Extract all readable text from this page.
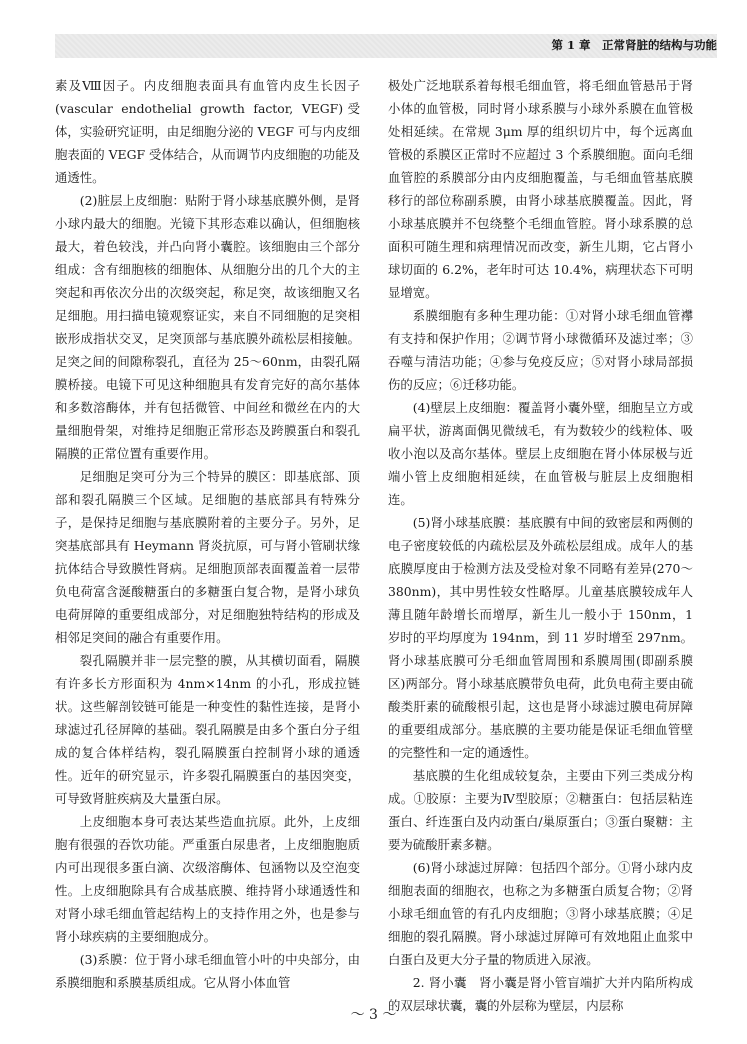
第 1 章　正常肾脏的结构与功能

素及Ⅷ因子。内皮细胞表面具有血管内皮生长因子(vascular endothelial growth factor, VEGF)受体，实验研究证明，由足细胞分泌的 VEGF 可与内皮细胞表面的 VEGF 受体结合，从而调节内皮细胞的功能及通透性。

(2)脏层上皮细胞：贴附于肾小球基底膜外侧，是肾小球内最大的细胞。光镜下其形态难以确认，但细胞核最大，着色较浅，并凸向肾小囊腔。该细胞由三个部分组成：含有细胞核的细胞体、从细胞分出的几个大的主突起和再依次分出的次级突起，称足突，故该细胞又名足细胞。用扫描电镜观察证实，来自不同细胞的足突相嵌形成指状交叉，足突顶部与基底膜外疏松层相接触。足突之间的间隙称裂孔，直径为 25～60nm，由裂孔隔膜桥接。电镜下可见这种细胞具有发育完好的高尔基体和多数溶酶体，并有包括微管、中间丝和微丝在内的大量细胞骨架，对维持足细胞正常形态及跨膜蛋白和裂孔隔膜的正常位置有重要作用。

足细胞足突可分为三个特异的膜区：即基底部、顶部和裂孔隔膜三个区域。足细胞的基底部具有特殊分子，是保持足细胞与基底膜附着的主要分子。另外，足突基底部具有 Heymann 肾炎抗原，可与肾小管刷状缘抗体结合导致膜性肾病。足细胞顶部表面覆盖着一层带负电荷富含涎酸糖蛋白的多糖蛋白复合物，是肾小球负电荷屏障的重要组成部分，对足细胞独特结构的形成及相邻足突间的融合有重要作用。

裂孔隔膜并非一层完整的膜，从其横切面看，隔膜有许多长方形面积为 4nm×14nm 的小孔，形成拉链状。这些解剖铰链可能是一种变性的黏性连接，是肾小球滤过孔径屏障的基础。裂孔隔膜是由多个蛋白分子组成的复合体样结构，裂孔隔膜蛋白控制肾小球的通透性。近年的研究显示，许多裂孔隔膜蛋白的基因突变，可导致肾脏疾病及大量蛋白尿。

上皮细胞本身可表达某些造血抗原。此外，上皮细胞有很强的吞饮功能。严重蛋白尿患者，上皮细胞胞质内可出现很多蛋白滴、次级溶酶体、包涵物以及空泡变性。上皮细胞除具有合成基底膜、维持肾小球通透性和对肾小球毛细血管起结构上的支持作用之外，也是参与肾小球疾病的主要细胞成分。

(3)系膜：位于肾小球毛细血管小叶的中央部分，由系膜细胞和系膜基质组成。它从肾小体血管

极处广泛地联系着每根毛细血管，将毛细血管悬吊于肾小体的血管极，同时肾小球系膜与小球外系膜在血管极处相延续。在常规 3μm 厚的组织切片中，每个远离血管极的系膜区正常时不应超过 3 个系膜细胞。面向毛细血管腔的系膜部分由内皮细胞覆盖，与毛细血管基底膜移行的部位称副系膜，由肾小球基底膜覆盖。因此，肾小球基底膜并不包绕整个毛细血管腔。肾小球系膜的总面积可随生理和病理情况而改变，新生儿期，它占肾小球切面的 6.2%，老年时可达 10.4%，病理状态下可明显增宽。

系膜细胞有多种生理功能：①对肾小球毛细血管襻有支持和保护作用；②调节肾小球微循环及滤过率；③吞噬与清洁功能；④参与免疫反应；⑤对肾小球局部损伤的反应；⑥迁移功能。

(4)壁层上皮细胞：覆盖肾小囊外壁，细胞呈立方或扁平状，游离面偶见微绒毛，有为数较少的线粒体、吸收小泡以及高尔基体。壁层上皮细胞在肾小体尿极与近端小管上皮细胞相延续，在血管极与脏层上皮细胞相连。

(5)肾小球基底膜：基底膜有中间的致密层和两侧的电子密度较低的内疏松层及外疏松层组成。成年人的基底膜厚度由于检测方法及受检对象不同略有差异(270～380nm)，其中男性较女性略厚。儿童基底膜较成年人薄且随年龄增长而增厚，新生儿一般小于 150nm，1 岁时的平均厚度为 194nm，到 11 岁时增至 297nm。肾小球基底膜可分毛细血管周围和系膜周围(即副系膜区)两部分。肾小球基底膜带负电荷，此负电荷主要由硫酸类肝素的硫酸根引起，这也是肾小球滤过膜电荷屏障的重要组成部分。基底膜的主要功能是保证毛细血管壁的完整性和一定的通透性。

基底膜的生化组成较复杂，主要由下列三类成分构成。①胶原：主要为Ⅳ型胶原；②糖蛋白：包括层粘连蛋白、纤连蛋白及内动蛋白/巢原蛋白；③蛋白聚糖：主要为硫酸肝素多糖。

(6)肾小球滤过屏障：包括四个部分。①肾小球内皮细胞表面的细胞衣，也称之为多糖蛋白质复合物；②肾小球毛细血管的有孔内皮细胞；③肾小球基底膜；④足细胞的裂孔隔膜。肾小球滤过屏障可有效地阻止血浆中白蛋白及更大分子量的物质进入尿液。

2. 肾小囊　肾小囊是肾小管盲端扩大并内陷所构成的双层球状囊，囊的外层称为壁层，内层称

～ 3 ～
